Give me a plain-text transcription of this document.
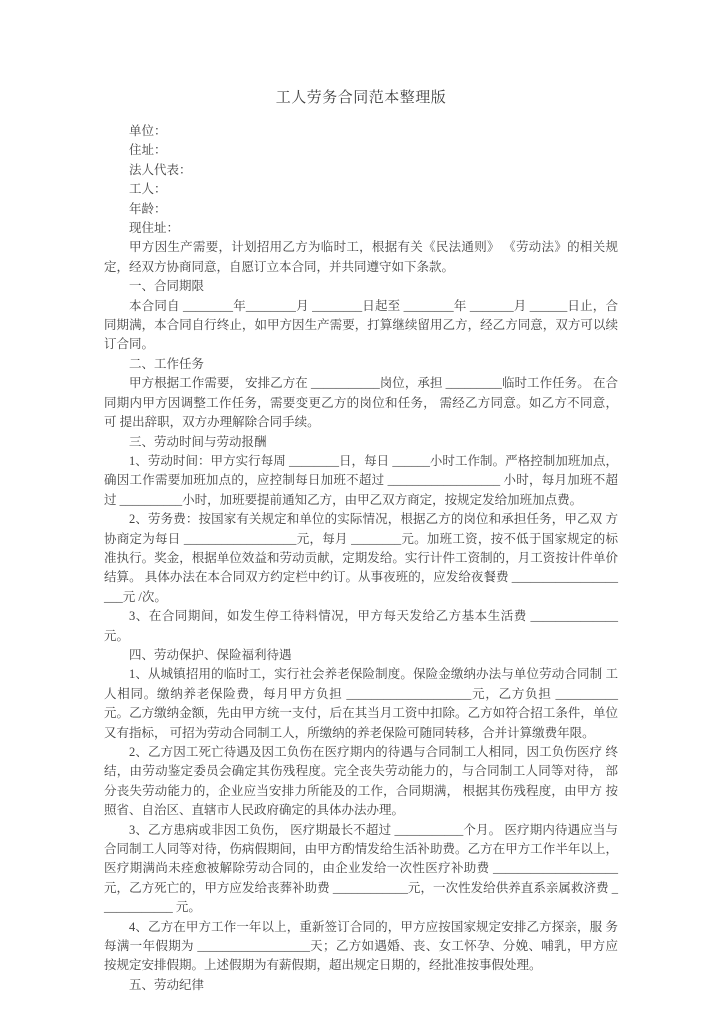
工人劳务合同范本整理版
单位：
住址：
法人代表：
工人：
年龄：
现住址：

甲方因生产需要，计划招用乙方为临时工，根据有关《民法通则》 《劳动法》的相关规 定，经双方协商同意，自愿订立本合同，并共同遵守如下条款。

一、合同期限

本合同自 ________年________月 ________日起至 ________年 _______月 ______日止，合同期满，本合同自行终止，如甲方因生产需要，打算继续留用乙方，经乙方同意，双方可以续 订合同。

二、工作任务

甲方根据工作需要， 安排乙方在 ___________岗位，承担 _________临时工作任务。 在合同期内甲方因调整工作任务，需要变更乙方的岗位和任务， 需经乙方同意。如乙方不同意，可 提出辞职，双方办理解除合同手续。

三、劳动时间与劳动报酬

1、劳动时间：甲方实行每周 ________日，每日 ______小时工作制。严格控制加班加点，确因工作需要加班加点的，应控制每日加班不超过 __________________ 小时，每月加班不超过 __________小时，加班要提前通知乙方，由甲乙双方商定，按规定发给加班加点费。

2、劳务费：按国家有关规定和单位的实际情况，根据乙方的岗位和承担任务，甲乙双 方协商定为每日 __________________元，每月 ________元。加班工资，按不低于国家规定的标准执行。奖金，根据单位效益和劳动贡献，定期发给。实行计件工资制的，月工资按计件单价结算。 具体办法在本合同双方约定栏中约订。从事夜班的，应发给夜餐费 ____________________元 /次。

3、在合同期间，如发生停工待料情况，甲方每天发给乙方基本生活费 ______________元。

四、劳动保护、保险福利待遇

1、从城镇招用的临时工，实行社会养老保险制度。保险金缴纳办法与单位劳动合同制 工人相同。缴纳养老保险费，每月甲方负担 ____________________元，乙方负担 __________元。乙方缴纳金额，先由甲方统一支付，后在其当月工资中扣除。乙方如符合招工条件，单位又有指标， 可招为劳动合同制工人，所缴纳的养老保险可随同转移，合并计算缴费年限。

2、乙方因工死亡待遇及因工负伤在医疗期内的待遇与合同制工人相同，因工负伤医疗 终结，由劳动鉴定委员会确定其伤残程度。完全丧失劳动能力的，与合同制工人同等对待， 部分丧失劳动能力的，企业应当安排力所能及的工作，合同期满， 根据其伤残程度，由甲方 按照省、自治区、直辖市人民政府确定的具体办法办理。

3、乙方患病或非因工负伤， 医疗期最长不超过 ___________个月。 医疗期内待遇应当与合同制工人同等对待，伤病假期间，由甲方酌情发给生活补助费。乙方在甲方工作半年以上， 医疗期满尚未痊愈被解除劳动合同的，由企业发给一次性医疗补助费 ____________________元，乙方死亡的，甲方应发给丧葬补助费 ____________元，一次性发给供养直系亲属救济费 ____________ 元。

4、乙方在甲方工作一年以上，重新签订合同的，甲方应按国家规定安排乙方探亲，服 务每满一年假期为 __________________天；乙方如遇婚、丧、女工怀孕、分娩、哺乳，甲方应按规定安排假期。上述假期为有薪假期，超出规定日期的，经批准按事假处理。

五、劳动纪律
